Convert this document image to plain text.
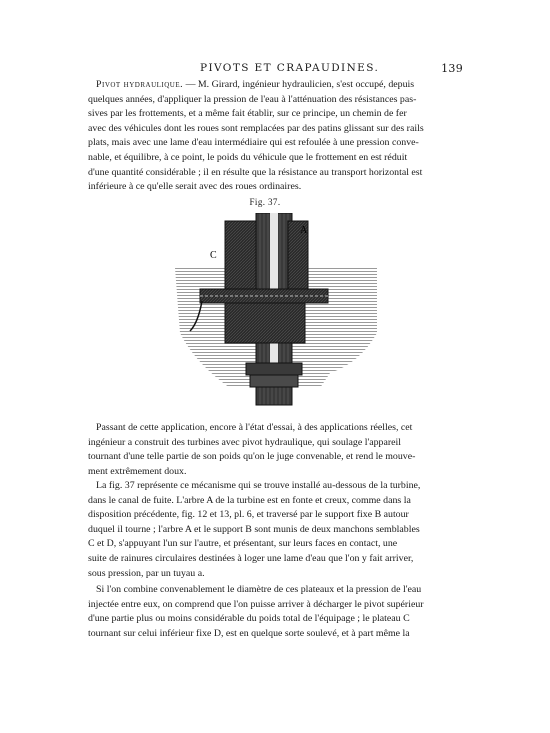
PIVOTS ET CRAPAUDINES.	139
Pivot hydraulique. — M. Girard, ingénieur hydraulicien, s'est occupé, depuis
quelques années, d'appliquer la pression de l'eau à l'atténuation des résistances pas-
sives par les frottements, et a même fait établir, sur ce principe, un chemin de fer
avec des véhicules dont les roues sont remplacées par des patins glissant sur des rails
plats, mais avec une lame d'eau intermédiaire qui est refoulée à une pression conve-
nable, et équilibre, à ce point, le poids du véhicule que le frottement en est réduit
d'une quantité considérable ; il en résulte que la résistance au transport horizontal est
inférieure à ce qu'elle serait avec des roues ordinaires.
Fig. 37.
A
C
Passant de cette application, encore à l'état d'essai, à des applications réelles, cet
ingénieur a construit des turbines avec pivot hydraulique, qui soulage l'appareil
tournant d'une telle partie de son poids qu'on le juge convenable, et rend le mouve-
ment extrêmement doux.
La fig. 37 représente ce mécanisme qui se trouve installé au-dessous de la turbine,
dans le canal de fuite. L'arbre A de la turbine est en fonte et creux, comme dans la
disposition précédente, fig. 12 et 13, pl. 6, et traversé par le support fixe B autour
duquel il tourne ; l'arbre A et le support B sont munis de deux manchons semblables
C et D, s'appuyant l'un sur l'autre, et présentant, sur leurs faces en contact, une
suite de rainures circulaires destinées à loger une lame d'eau que l'on y fait arriver,
sous pression, par un tuyau a.
Si l'on combine convenablement le diamètre de ces plateaux et la pression de l'eau
injectée entre eux, on comprend que l'on puisse arriver à décharger le pivot supérieur
d'une partie plus ou moins considérable du poids total de l'équipage ; le plateau C
tournant sur celui inférieur fixe D, est en quelque sorte soulevé, et à part même la
